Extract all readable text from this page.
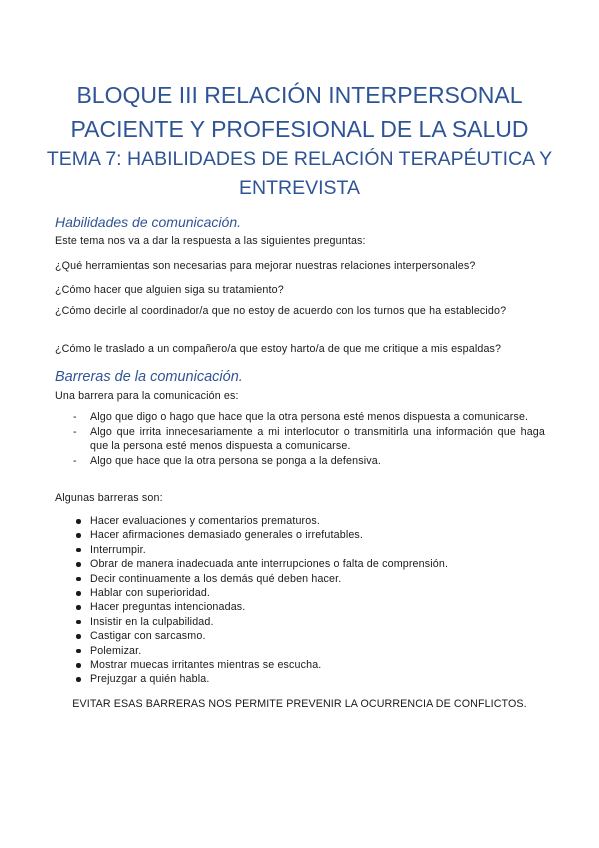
BLOQUE III RELACIÓN INTERPERSONAL
PACIENTE Y PROFESIONAL DE LA SALUD
TEMA 7: HABILIDADES DE RELACIÓN TERAPÉUTICA Y
ENTREVISTA
Habilidades de comunicación.
Este tema nos va a dar la respuesta a las siguientes preguntas:
¿Qué herramientas son necesarias para mejorar nuestras relaciones interpersonales?
¿Cómo hacer que alguien siga su tratamiento?
¿Cómo decirle al coordinador/a que no estoy de acuerdo con los turnos que ha establecido?
¿Cómo le traslado a un compañero/a que estoy harto/a de que me critique a mis espaldas?
Barreras de la comunicación.
Una barrera para la comunicación es:
- Algo que digo o hago que hace que la otra persona esté menos dispuesta a comunicarse.
- Algo que irrita innecesariamente a mi interlocutor o transmitirla una información que haga que la persona esté menos dispuesta a comunicarse.
- Algo que hace que la otra persona se ponga a la defensiva.
Algunas barreras son:
Hacer evaluaciones y comentarios prematuros.
Hacer afirmaciones demasiado generales o irrefutables.
Interrumpir.
Obrar de manera inadecuada ante interrupciones o falta de comprensión.
Decir continuamente a los demás qué deben hacer.
Hablar con superioridad.
Hacer preguntas intencionadas.
Insistir en la culpabilidad.
Castigar con sarcasmo.
Polemizar.
Mostrar muecas irritantes mientras se escucha.
Prejuzgar a quién habla.
EVITAR ESAS BARRERAS NOS PERMITE PREVENIR LA OCURRENCIA DE CONFLICTOS.
